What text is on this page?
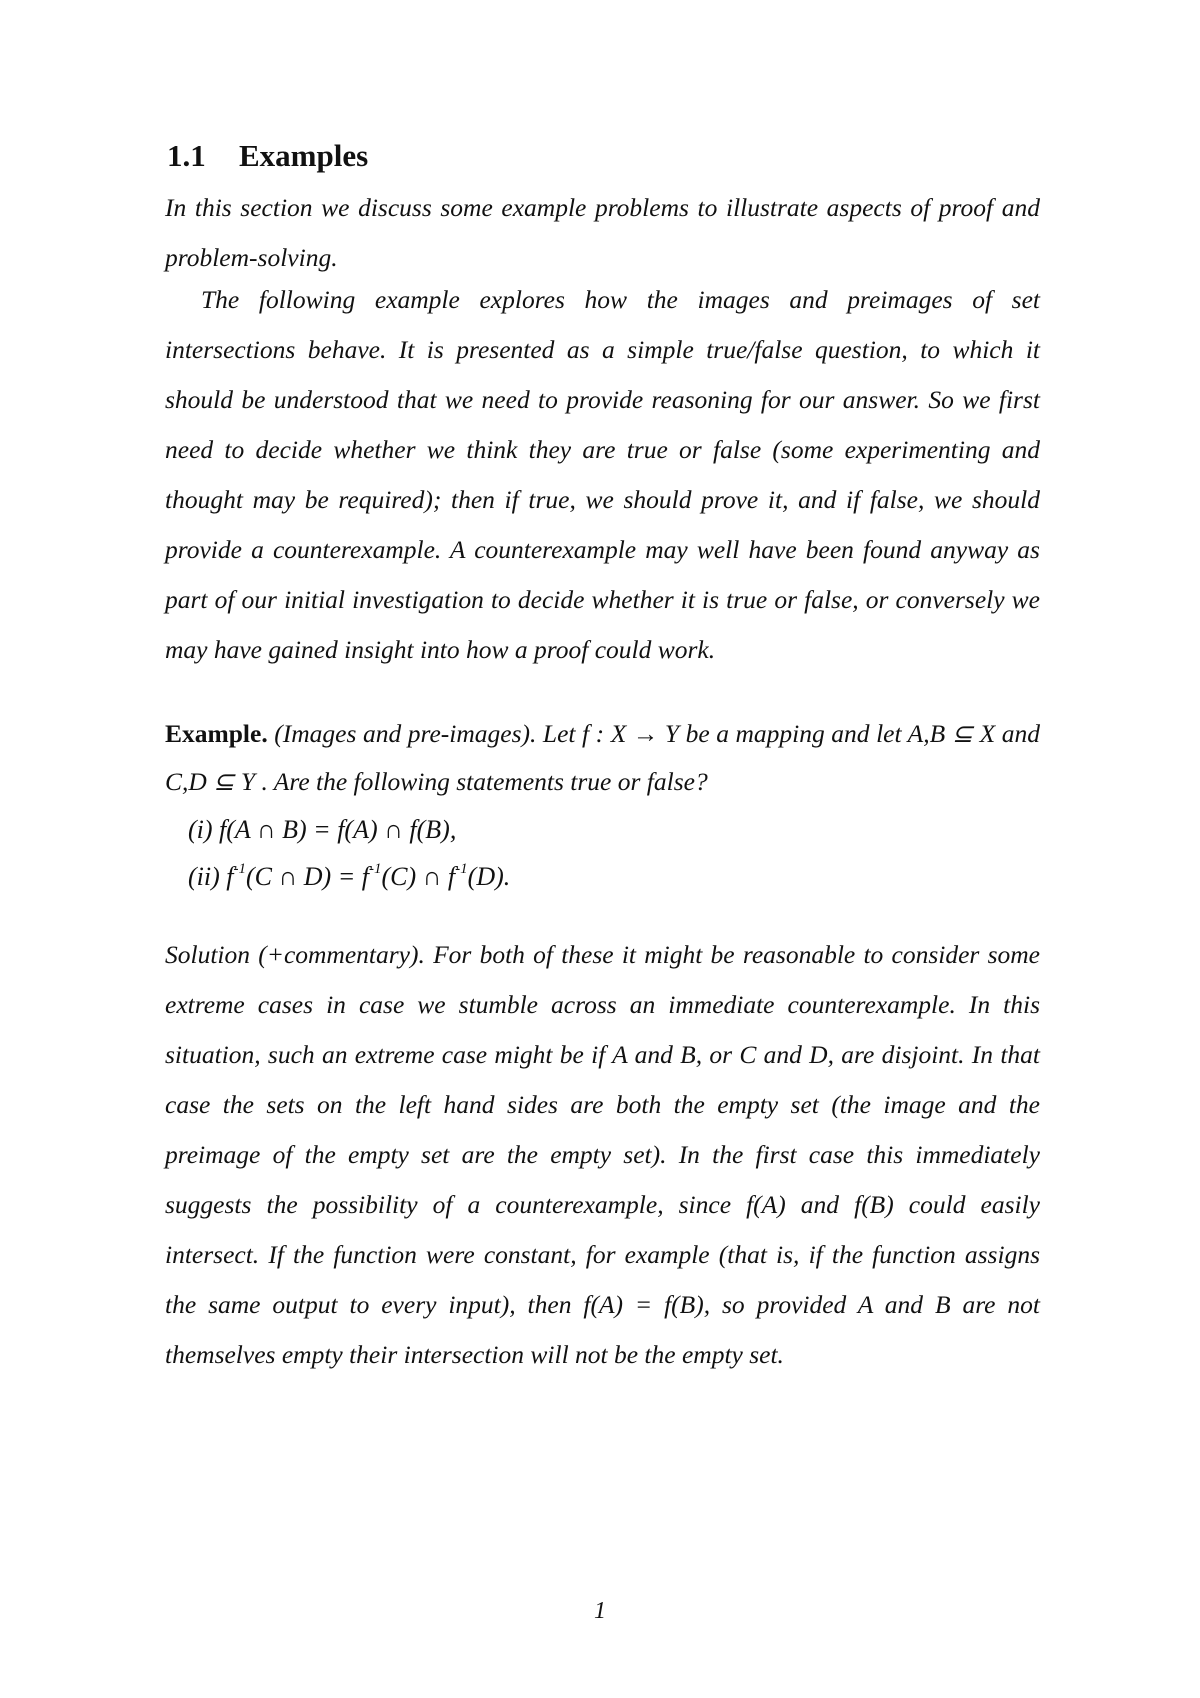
1.1 Examples

In this section we discuss some example problems to illustrate aspects of proof and problem-solving.

The following example explores how the images and preimages of set intersections behave. It is presented as a simple true/false question, to which it should be understood that we need to provide reasoning for our answer. So we first need to decide whether we think they are true or false (some experimenting and thought may be required); then if true, we should prove it, and if false, we should provide a counterexample. A counterexample may well have been found anyway as part of our initial investigation to decide whether it is true or false, or conversely we may have gained insight into how a proof could work.

Example. (Images and pre-images). Let f : X → Y be a mapping and let A,B ⊆ X and C,D ⊆ Y . Are the following statements true or false?

(i) f(A ∩ B) = f(A) ∩ f(B),

(ii) $f^{-1}(C$ ∩ $D) = f^{-1}(C)$ ∩ $f^{-1}(D)$.

Solution (+commentary). For both of these it might be reasonable to consider some extreme cases in case we stumble across an immediate counterexample. In this situation, such an extreme case might be if A and B, or C and D, are disjoint. In that case the sets on the left hand sides are both the empty set (the image and the preimage of the empty set are the empty set). In the first case this immediately suggests the possibility of a counterexample, since f(A) and f(B) could easily intersect. If the function were constant, for example (that is, if the function assigns the same output to every input), then f(A) = f(B), so provided A and B are not themselves empty their intersection will not be the empty set.

1
